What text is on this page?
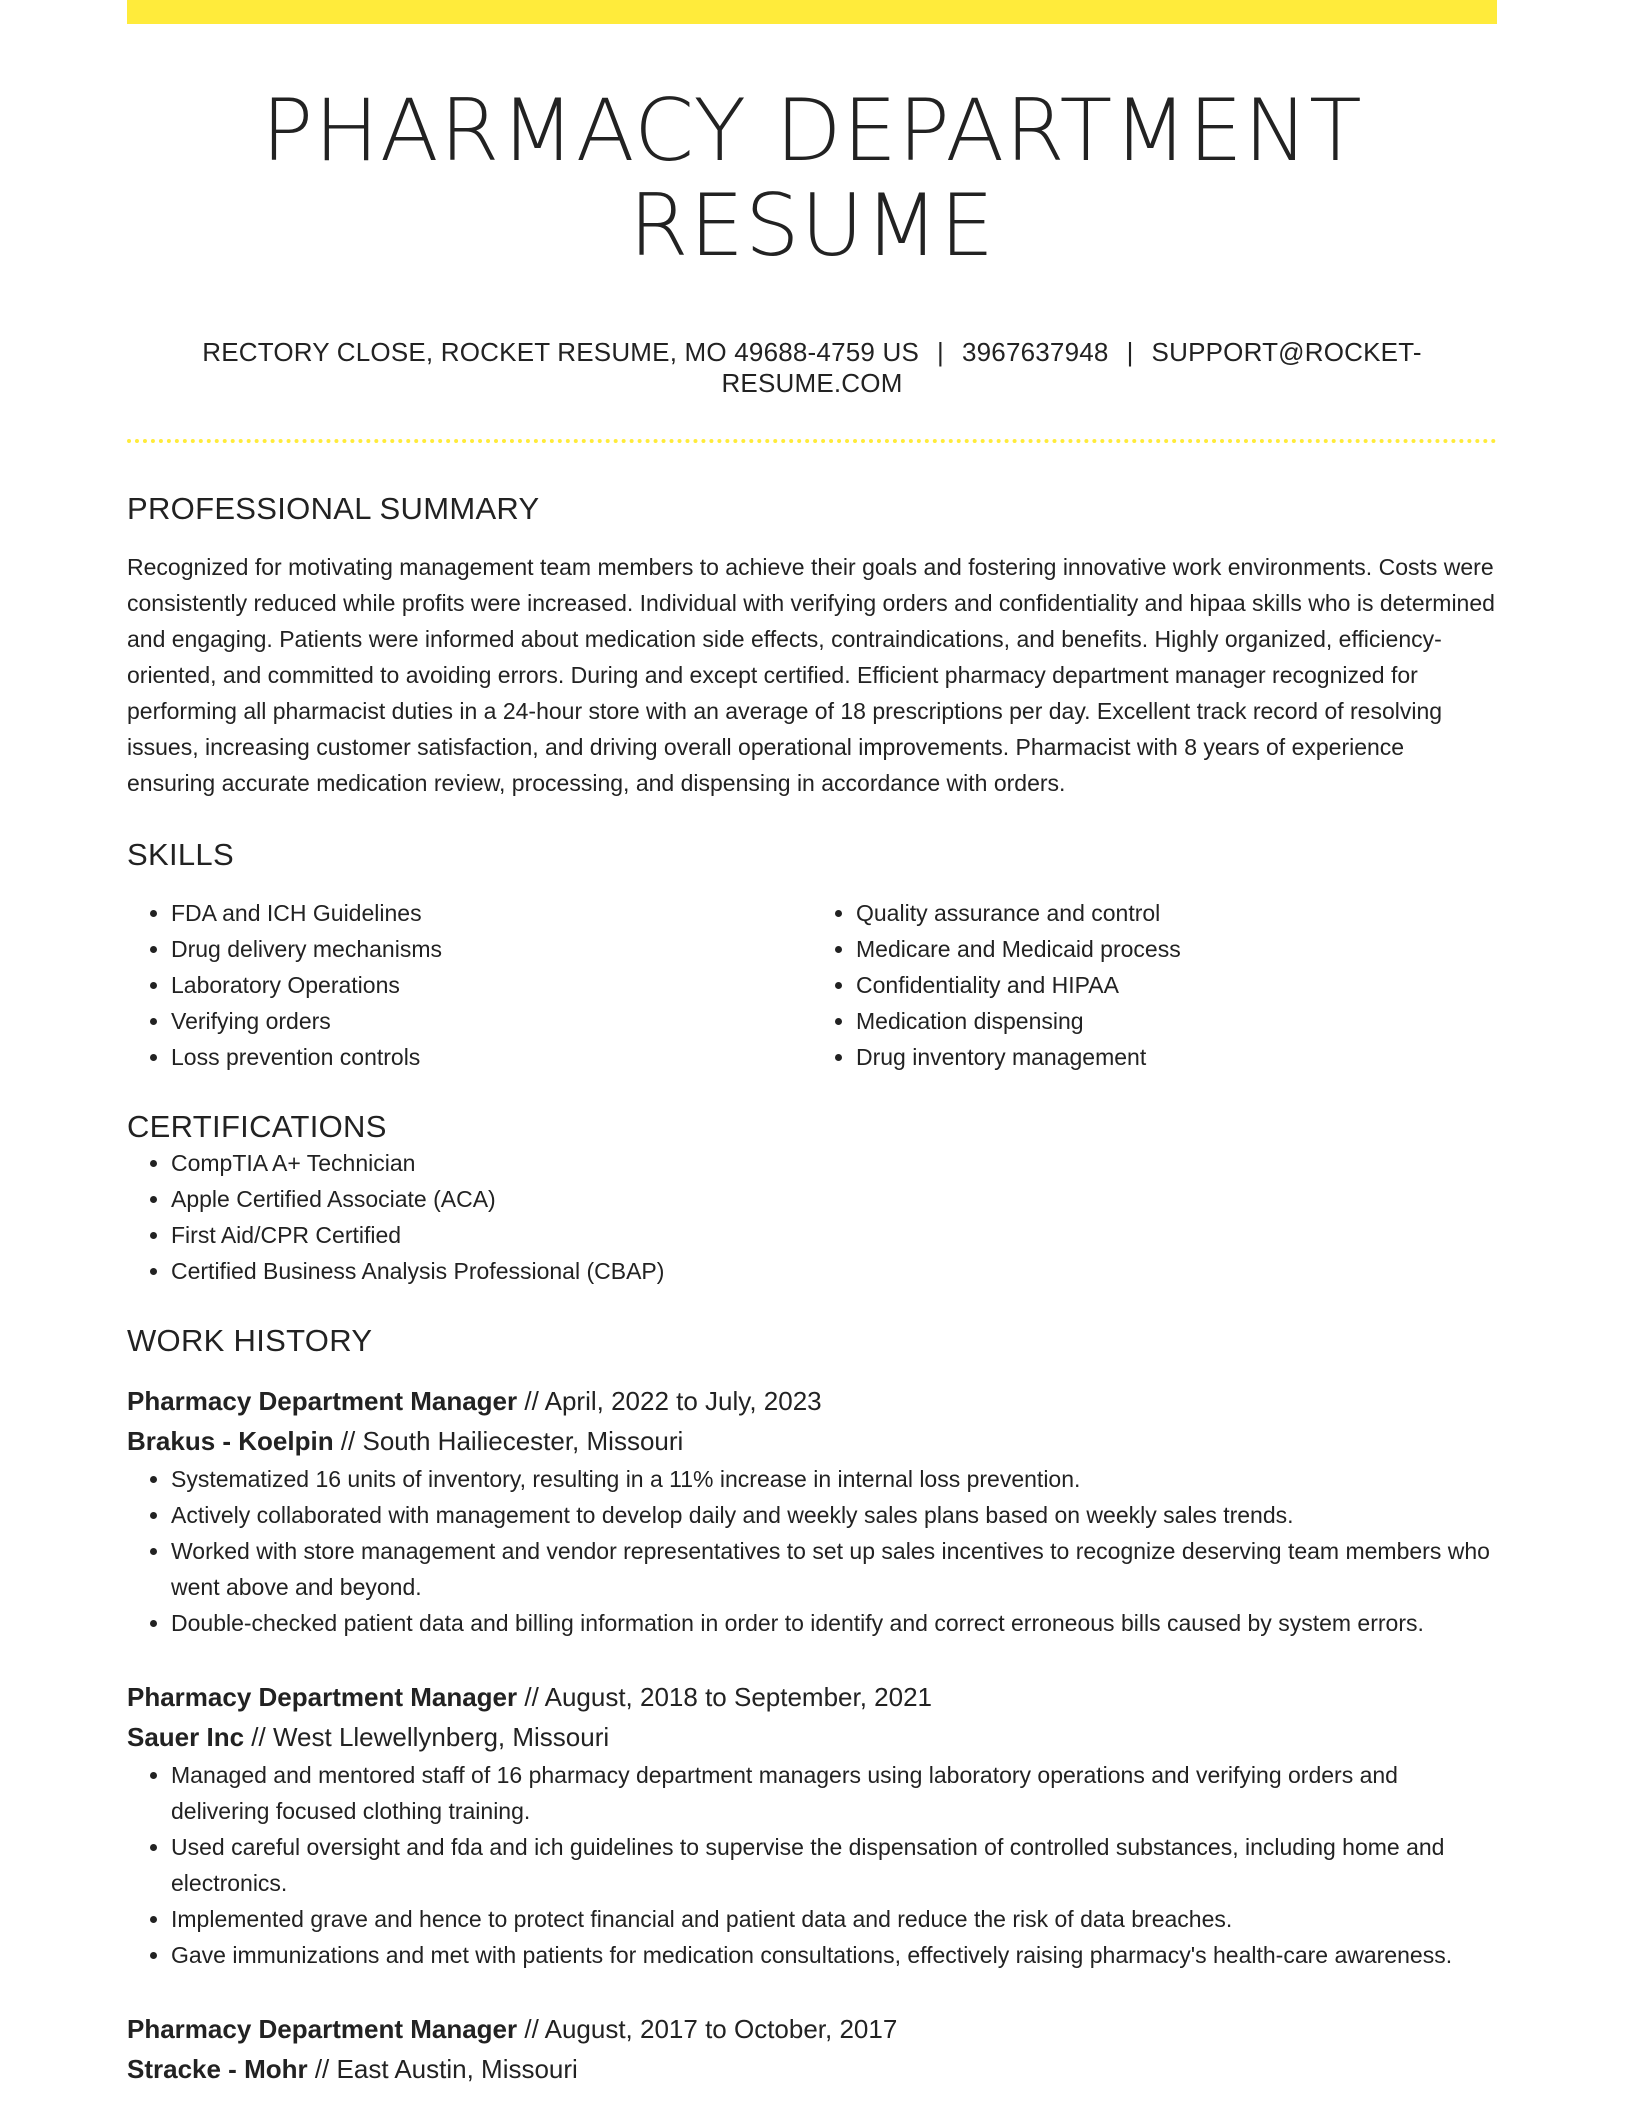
PHARMACY DEPARTMENT RESUME
RECTORY CLOSE, ROCKET RESUME, MO 49688-4759 US | 3967637948 | SUPPORT@ROCKET-RESUME.COM
PROFESSIONAL SUMMARY
Recognized for motivating management team members to achieve their goals and fostering innovative work environments. Costs were consistently reduced while profits were increased. Individual with verifying orders and confidentiality and hipaa skills who is determined and engaging. Patients were informed about medication side effects, contraindications, and benefits. Highly organized, efficiency-oriented, and committed to avoiding errors. During and except certified. Efficient pharmacy department manager recognized for performing all pharmacist duties in a 24-hour store with an average of 18 prescriptions per day. Excellent track record of resolving issues, increasing customer satisfaction, and driving overall operational improvements. Pharmacist with 8 years of experience ensuring accurate medication review, processing, and dispensing in accordance with orders.
SKILLS
• FDA and ICH Guidelines
• Drug delivery mechanisms
• Laboratory Operations
• Verifying orders
• Loss prevention controls
• Quality assurance and control
• Medicare and Medicaid process
• Confidentiality and HIPAA
• Medication dispensing
• Drug inventory management
CERTIFICATIONS
• CompTIA A+ Technician
• Apple Certified Associate (ACA)
• First Aid/CPR Certified
• Certified Business Analysis Professional (CBAP)
WORK HISTORY
Pharmacy Department Manager // April, 2022 to July, 2023
Brakus - Koelpin // South Hailiecester, Missouri
• Systematized 16 units of inventory, resulting in a 11% increase in internal loss prevention.
• Actively collaborated with management to develop daily and weekly sales plans based on weekly sales trends.
• Worked with store management and vendor representatives to set up sales incentives to recognize deserving team members who went above and beyond.
• Double-checked patient data and billing information in order to identify and correct erroneous bills caused by system errors.
Pharmacy Department Manager // August, 2018 to September, 2021
Sauer Inc // West Llewellynberg, Missouri
• Managed and mentored staff of 16 pharmacy department managers using laboratory operations and verifying orders and delivering focused clothing training.
• Used careful oversight and fda and ich guidelines to supervise the dispensation of controlled substances, including home and electronics.
• Implemented grave and hence to protect financial and patient data and reduce the risk of data breaches.
• Gave immunizations and met with patients for medication consultations, effectively raising pharmacy's health-care awareness.
Pharmacy Department Manager // August, 2017 to October, 2017
Stracke - Mohr // East Austin, Missouri
